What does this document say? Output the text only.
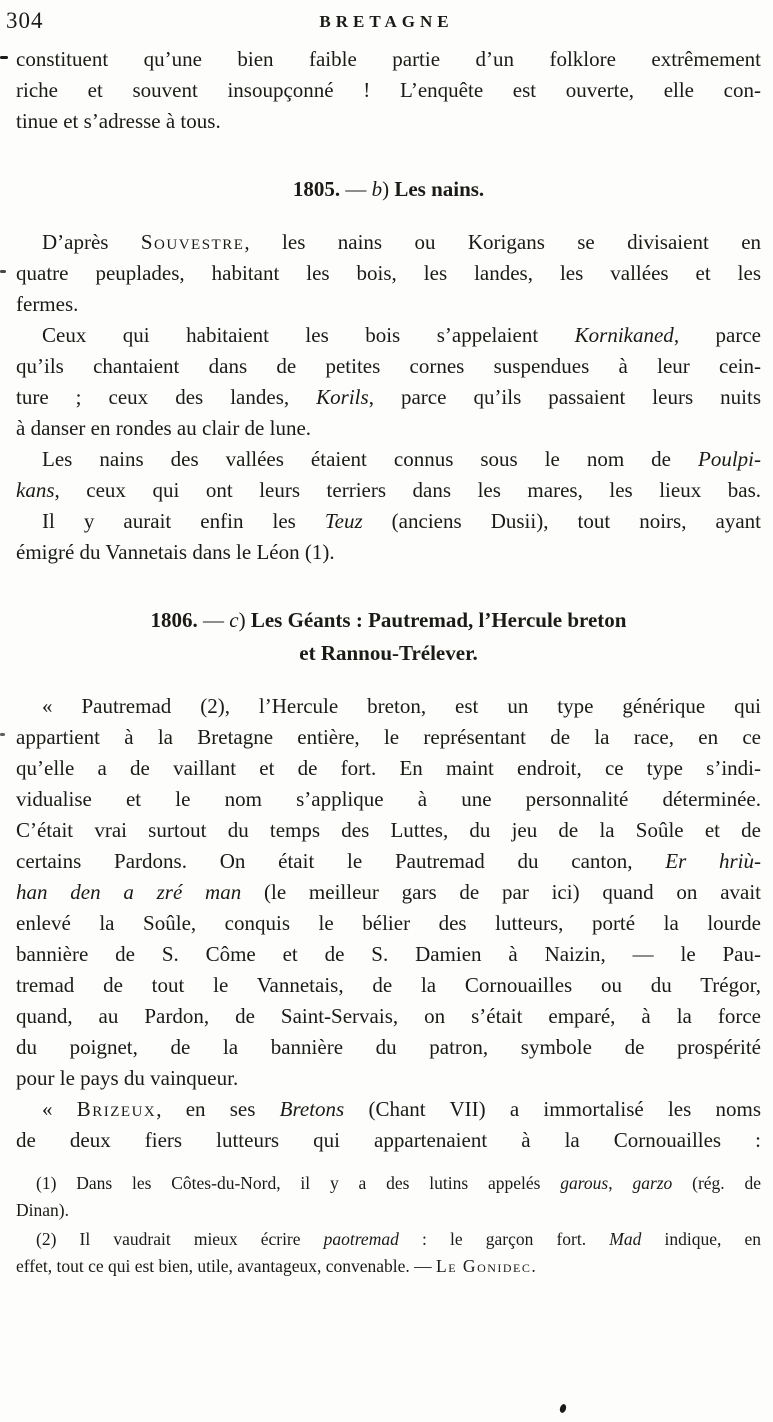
304	BRETAGNE
constituent qu’une bien faible partie d’un folklore extrêmement
riche et souvent insoupçonné ! L’enquête est ouverte, elle con-
tinue et s’adresse à tous.
1805. — b) Les nains.
D’après Souvestre, les nains ou Korigans se divisaient en
quatre peuplades, habitant les bois, les landes, les vallées et les
fermes.
Ceux qui habitaient les bois s’appelaient Kornikaned, parce
qu’ils chantaient dans de petites cornes suspendues à leur cein-
ture ; ceux des landes, Korils, parce qu’ils passaient leurs nuits
à danser en rondes au clair de lune.
Les nains des vallées étaient connus sous le nom de Poulpi-
kans, ceux qui ont leurs terriers dans les mares, les lieux bas.
Il y aurait enfin les Teuz (anciens Dusii), tout noirs, ayant
émigré du Vannetais dans le Léon (1).
1806. — c) Les Géants : Pautremad, l’Hercule breton
et Rannou-Trélever.
« Pautremad (2), l’Hercule breton, est un type générique qui
appartient à la Bretagne entière, le représentant de la race, en ce
qu’elle a de vaillant et de fort. En maint endroit, ce type s’indi-
vidualise et le nom s’applique à une personnalité déterminée.
C’était vrai surtout du temps des Luttes, du jeu de la Soûle et de
certains Pardons. On était le Pautremad du canton, Er hriù-
han den a zré man (le meilleur gars de par ici) quand on avait
enlevé la Soûle, conquis le bélier des lutteurs, porté la lourde
bannière de S. Côme et de S. Damien à Naizin, — le Pau-
tremad de tout le Vannetais, de la Cornouailles ou du Trégor,
quand, au Pardon, de Saint-Servais, on s’était emparé, à la force
du poignet, de la bannière du patron, symbole de prospérité
pour le pays du vainqueur.
« Brizeux, en ses Bretons (Chant VII) a immortalisé les noms
de deux fiers lutteurs qui appartenaient à la Cornouailles :
(1) Dans les Côtes-du-Nord, il y a des lutins appelés garous, garzo (rég. de
Dinan).
(2) Il vaudrait mieux écrire paotremad : le garçon fort. Mad indique, en
effet, tout ce qui est bien, utile, avantageux, convenable. — Le Gonidec.
